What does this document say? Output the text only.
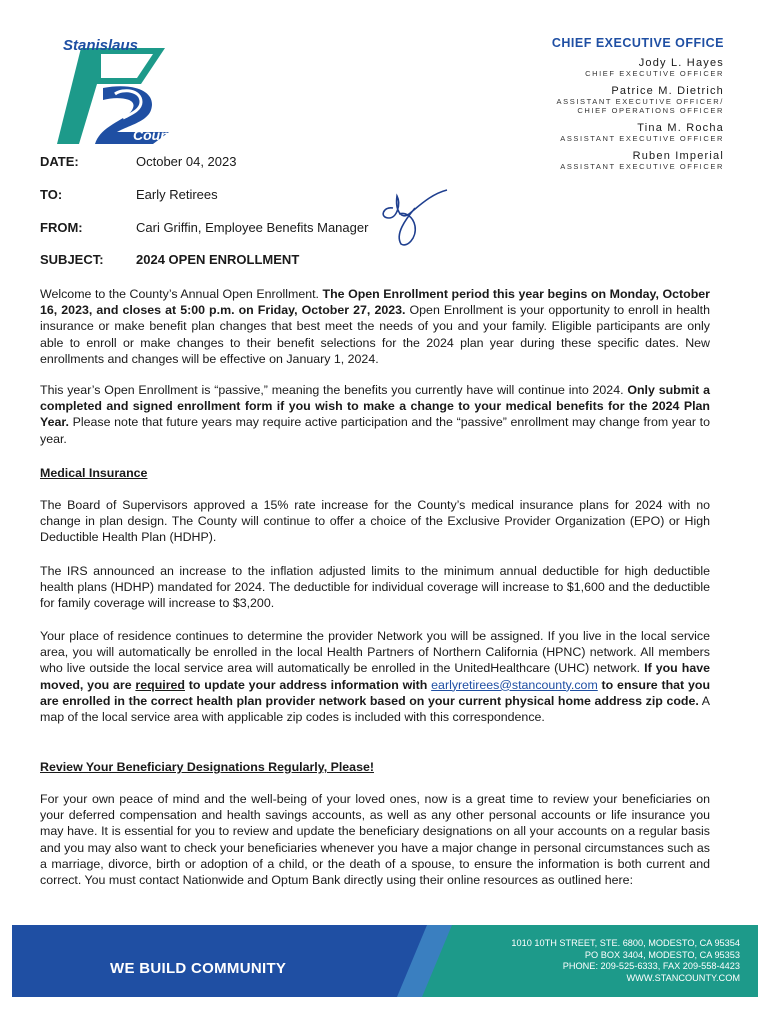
Stanislaus
County
CHIEF EXECUTIVE OFFICE
Jody L. Hayes
CHIEF EXECUTIVE OFFICER
Patrice M. Dietrich
ASSISTANT EXECUTIVE OFFICER/
CHIEF OPERATIONS OFFICER
Tina M. Rocha
ASSISTANT EXECUTIVE OFFICER
Ruben Imperial
ASSISTANT EXECUTIVE OFFICER
DATE:	October 04, 2023
TO:	Early Retirees
FROM:	Cari Griffin, Employee Benefits Manager
SUBJECT: 2024 OPEN ENROLLMENT
Welcome to the County’s Annual Open Enrollment. The Open Enrollment period this year begins on Monday, October 16, 2023, and closes at 5:00 p.m. on Friday, October 27, 2023. Open Enrollment is your opportunity to enroll in health insurance or make benefit plan changes that best meet the needs of you and your family. Eligible participants are only able to enroll or make changes to their benefit selections for the 2024 plan year during these specific dates. New enrollments and changes will be effective on January 1, 2024.
This year’s Open Enrollment is “passive,” meaning the benefits you currently have will continue into 2024. Only submit a completed and signed enrollment form if you wish to make a change to your medical benefits for the 2024 Plan Year. Please note that future years may require active participation and the “passive” enrollment may change from year to year.
Medical Insurance
The Board of Supervisors approved a 15% rate increase for the County’s medical insurance plans for 2024 with no change in plan design. The County will continue to offer a choice of the Exclusive Provider Organization (EPO) or High Deductible Health Plan (HDHP).
The IRS announced an increase to the inflation adjusted limits to the minimum annual deductible for high deductible health plans (HDHP) mandated for 2024. The deductible for individual coverage will increase to $1,600 and the deductible for family coverage will increase to $3,200.
Your place of residence continues to determine the provider Network you will be assigned. If you live in the local service area, you will automatically be enrolled in the local Health Partners of Northern California (HPNC) network. All members who live outside the local service area will automatically be enrolled in the UnitedHealthcare (UHC) network. If you have moved, you are required to update your address information with earlyretirees@stancounty.com to ensure that you are enrolled in the correct health plan provider network based on your current physical home address zip code. A map of the local service area with applicable zip codes is included with this correspondence.
Review Your Beneficiary Designations Regularly, Please!
For your own peace of mind and the well-being of your loved ones, now is a great time to review your beneficiaries on your deferred compensation and health savings accounts, as well as any other personal accounts or life insurance you may have. It is essential for you to review and update the beneficiary designations on all your accounts on a regular basis and you may also want to check your beneficiaries whenever you have a major change in personal circumstances such as a marriage, divorce, birth or adoption of a child, or the death of a spouse, to ensure the information is both current and correct. You must contact Nationwide and Optum Bank directly using their online resources as outlined here:
WE BUILD COMMUNITY
1010 10TH STREET, STE. 6800, MODESTO, CA 95354
PO BOX 3404, MODESTO, CA 95353
PHONE: 209-525-6333, FAX 209-558-4423
WWW.STANCOUNTY.COM
